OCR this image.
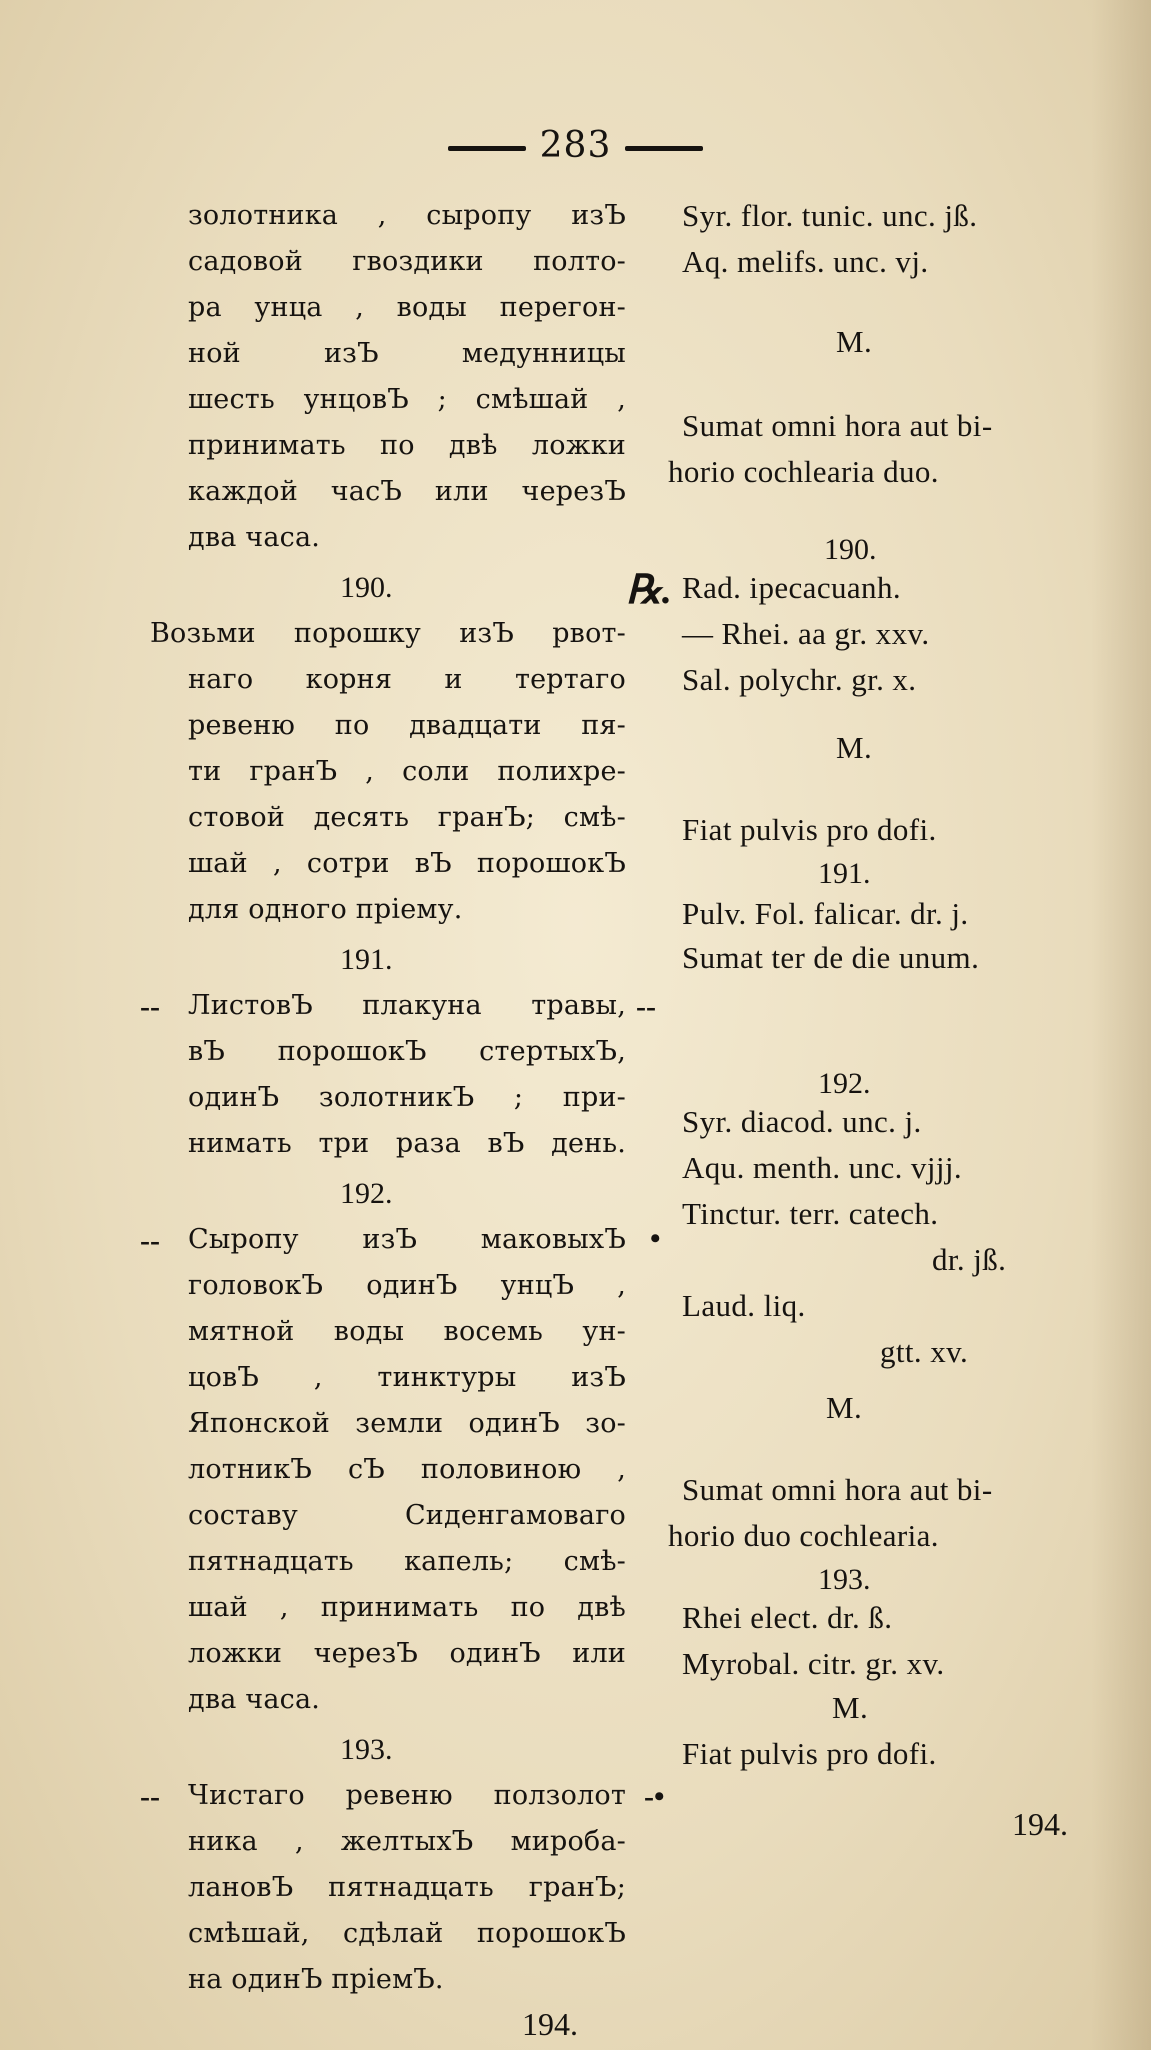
283
золотника , сыропу изЪ
садовой гвоздики полто-
ра унца , воды перегон-
ной изЪ медунницы
шесть унцовЪ ; смѣшай ,
принимать по двѣ ложки
каждой часЪ или черезЪ
два часа.
190.
Возьми порошку изЪ рвот-
наго корня и тертаго
ревеню по двадцати пя-
ти гранЪ , соли полихре-
стовой десять гранЪ; смѣ-
шай , сотри вЪ порошокЪ
для одного прiему.
191.
-- ЛистовЪ плакуна травы,
вЪ порошокЪ стертыхЪ,
одинЪ золотникЪ ; при-
нимать три раза вЪ день.
192.
-- Сыропу изЪ маковыхЪ
головокЪ одинЪ унцЪ ,
мятной воды восемь ун-
цовЪ , тинктуры изЪ
Японской земли одинЪ зо-
лотникЪ сЪ половиною ,
составу Сиденгамоваго
пятнадцать капель; смѣ-
шай , принимать по двѣ
ложки черезЪ одинЪ или
два часа.
193.
-- Чистаго ревеню ползолот
ника , желтыхЪ мироба-
лановЪ пятнадцать гранЪ;
смѣшай, сдѣлай порошокЪ
на одинЪ прiемЪ.
194.
℞.
--
•
-•
Syr. flor. tunic. unc. jß.
Aq. melifs. unc. vj.
M.
Sumat omni hora aut bi-
horio cochlearia duo.
190.
Rad. ipecacuanh.
— Rhei. aa gr. xxv.
Sal. polychr. gr. x.
M.
Fiat pulvis pro dofi.
191.
Pulv. Fol. falicar. dr. j.
Sumat ter de die unum.
192.
Syr. diacod. unc. j.
Aqu. menth. unc. vjjj.
Tinctur. terr. catech.
dr. jß.
Laud. liq.
gtt. xv.
M.
Sumat omni hora aut bi-
horio duo cochlearia.
193.
Rhei elect. dr. ß.
Myrobal. citr. gr. xv.
M.
Fiat pulvis pro dofi.
194.
